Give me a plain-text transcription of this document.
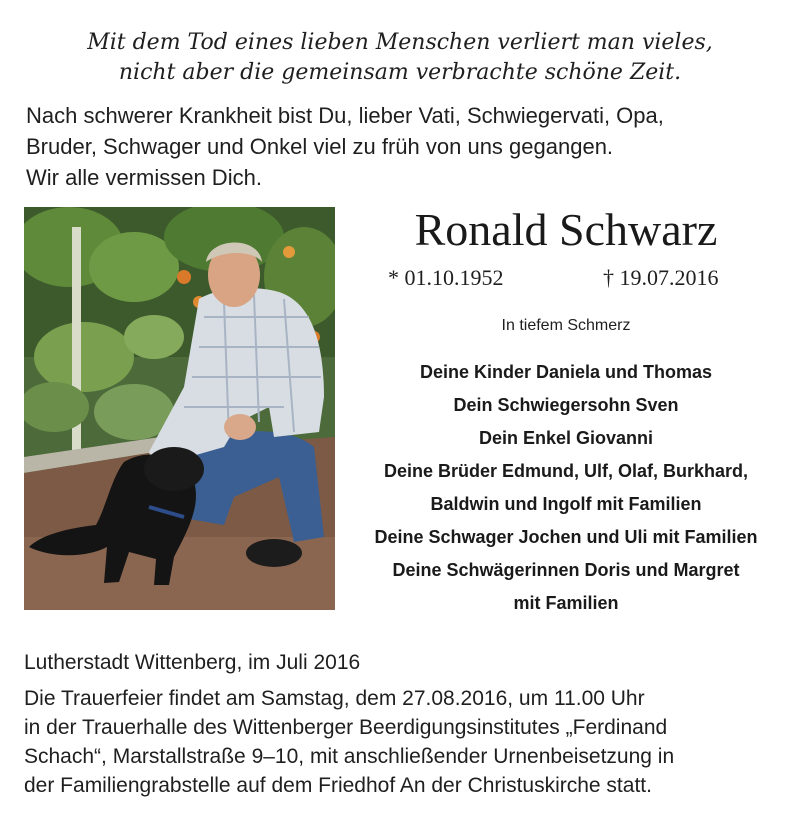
Mit dem Tod eines lieben Menschen verliert man vieles,
nicht aber die gemeinsam verbrachte schöne Zeit.
Nach schwerer Krankheit bist Du, lieber Vati, Schwiegervati, Opa,
Bruder, Schwager und Onkel viel zu früh von uns gegangen.
Wir alle vermissen Dich.
Ronald Schwarz
* 01.10.1952	† 19.07.2016
In tiefem Schmerz
Deine Kinder Daniela und Thomas
Dein Schwiegersohn Sven
Dein Enkel Giovanni
Deine Brüder Edmund, Ulf, Olaf, Burkhard,
Baldwin und Ingolf mit Familien
Deine Schwager Jochen und Uli mit Familien
Deine Schwägerinnen Doris und Margret
mit Familien
Lutherstadt Wittenberg, im Juli 2016
Die Trauerfeier findet am Samstag, dem 27.08.2016, um 11.00 Uhr
in der Trauerhalle des Wittenberger Beerdigungsinstitutes „Ferdinand
Schach“, Marstallstraße 9–10, mit anschließender Urnenbeisetzung in
der Familiengrabstelle auf dem Friedhof An der Christuskirche statt.
